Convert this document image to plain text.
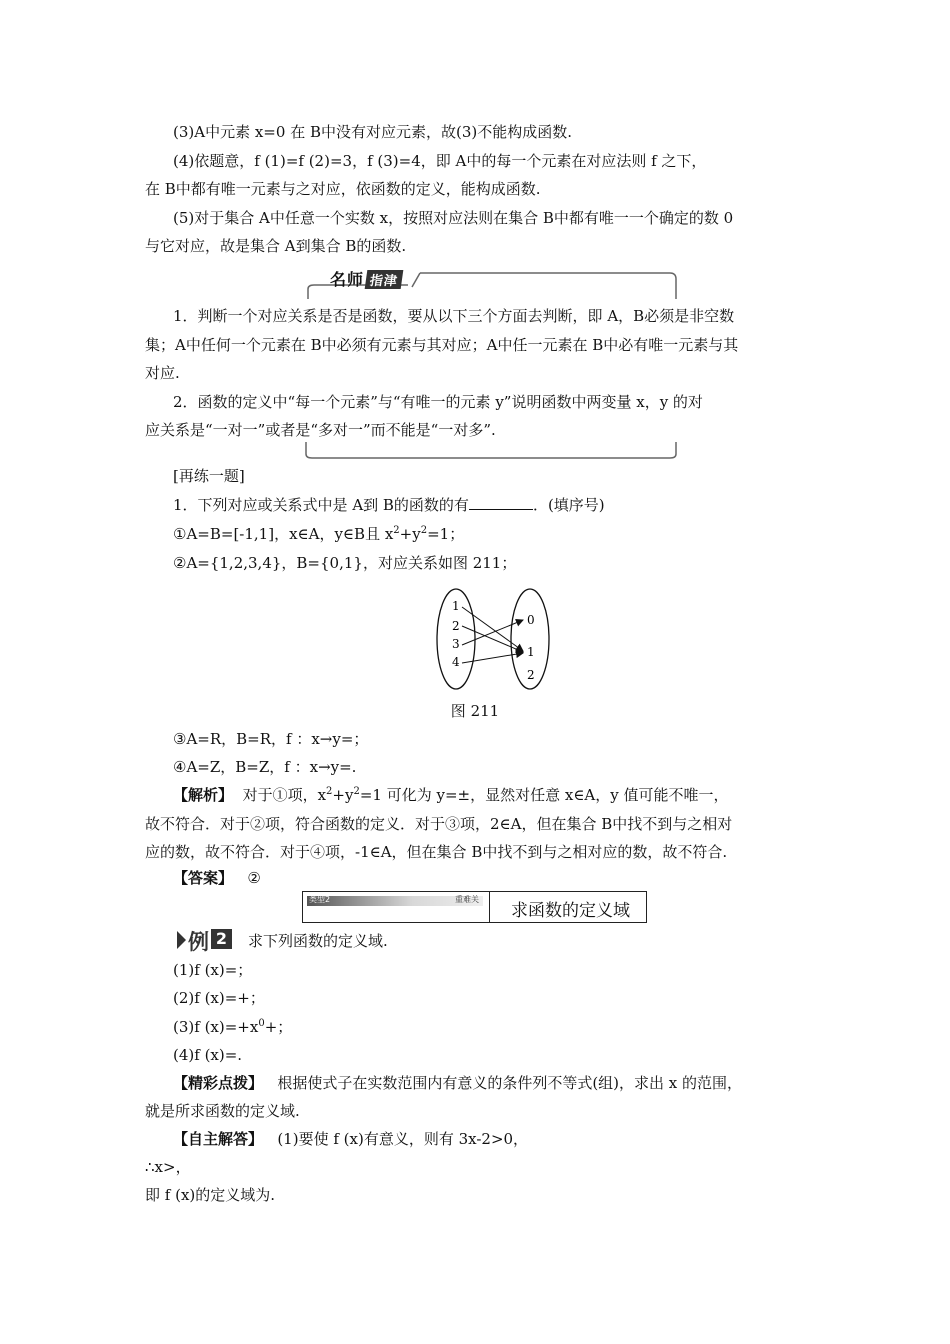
(3)A中元素 x=0 在 B中没有对应元素，故(3)不能构成函数.
(4)依题意，f (1)=f (2)=3，f (3)=4，即 A中的每一个元素在对应法则 f 之下，
在 B中都有唯一元素与之对应，依函数的定义，能构成函数.
(5)对于集合 A中任意一个实数 x，按照对应法则在集合 B中都有唯一一个确定的数 0
与它对应，故是集合 A到集合 B的函数.
名师 指津
1．判断一个对应关系是否是函数，要从以下三个方面去判断，即 A，B必须是非空数
集；A中任何一个元素在 B中必须有元素与其对应；A中任一元素在 B中必有唯一元素与其
对应.
2．函数的定义中“每一个元素”与“有唯一的元素 y”说明函数中两变量 x，y 的对
应关系是“一对一”或者是“多对一”而不能是“一对多”.
[再练一题]
1．下列对应或关系式中是 A到 B的函数的有	．(填序号)
①A=B=[-1,1]，x∈A，y∈B且 $x^2+y^2=1$；
②A={1,2,3,4}，B={0,1}，对应关系如图 211；
1
2
3
4
0
1
2
图 211
③A=R，B=R，f ：x→y=；
④A=Z，B=Z，f ：x→y=.
【解析】 对于①项，$x^2+y^2=1$ 可化为 y=±，显然对任意 x∈A，y 值可能不唯一，
故不符合．对于②项，符合函数的定义．对于③项，2∈A，但在集合 B中找不到与之相对
应的数，故不符合．对于④项，-1∈A，但在集合 B中找不到与之相对应的数，故不符合.
【答案】 ②
类型2	重难关
求函数的定义域
例 2	求下列函数的定义域.
(1)f (x)=；
(2)f (x)=+；
(3)f $(x)=+x^0+$；
(4)f (x)=.
【精彩点拨】 根据使式子在实数范围内有意义的条件列不等式(组)，求出 x 的范围，
就是所求函数的定义域.
【自主解答】 (1)要使 f (x)有意义，则有 3x-2>0，
∴x>，
即 f (x)的定义域为.
